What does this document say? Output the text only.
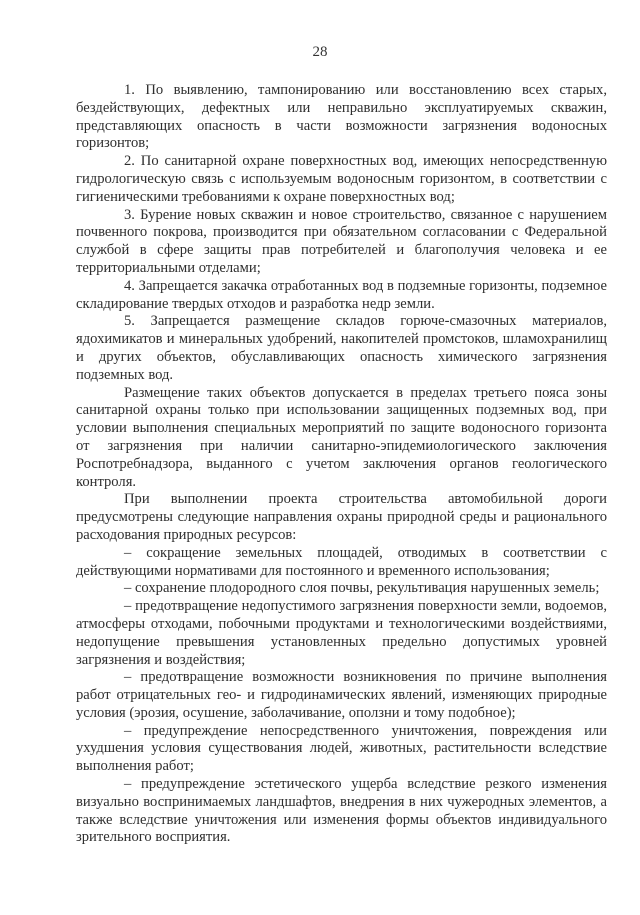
28

1. По выявлению, тампонированию или восстановлению всех старых, бездействующих, дефектных или неправильно эксплуатируемых скважин, представляющих опасность в части возможности загрязнения водоносных горизонтов;

2. По санитарной охране поверхностных вод, имеющих непосредственную гидрологическую связь с используемым водоносным горизонтом, в соответствии с гигиеническими требованиями к охране поверхностных вод;

3. Бурение новых скважин и новое строительство, связанное с нарушением почвенного покрова, производится при обязательном согласовании с Федеральной службой в сфере защиты прав потребителей и благополучия человека и ее территориальными отделами;

4. Запрещается закачка отработанных вод в подземные горизонты, подземное складирование твердых отходов и разработка недр земли.

5. Запрещается размещение складов горюче-смазочных материалов, ядохимикатов и минеральных удобрений, накопителей промстоков, шламохранилищ и других объектов, обуславливающих опасность химического загрязнения подземных вод.

Размещение таких объектов допускается в пределах третьего пояса зоны санитарной охраны только при использовании защищенных подземных вод, при условии выполнения специальных мероприятий по защите водоносного горизонта от загрязнения при наличии санитарно-эпидемиологического заключения Роспотребнадзора, выданного с учетом заключения органов геологического контроля.

При выполнении проекта строительства автомобильной дороги предусмотрены следующие направления охраны природной среды и рационального расходования природных ресурсов:

– сокращение земельных площадей, отводимых в соответствии с действующими нормативами для постоянного и временного использования;

– сохранение плодородного слоя почвы, рекультивация нарушенных земель;

– предотвращение недопустимого загрязнения поверхности земли, водоемов, атмосферы отходами, побочными продуктами и технологическими воздействиями, недопущение превышения установленных предельно допустимых уровней загрязнения и воздействия;

– предотвращение возможности возникновения по причине выполнения работ отрицательных гео- и гидродинамических явлений, изменяющих природные условия (эрозия, осушение, заболачивание, оползни и тому подобное);

– предупреждение непосредственного уничтожения, повреждения или ухудшения условия существования людей, животных, растительности вследствие выполнения работ;

– предупреждение эстетического ущерба вследствие резкого изменения визуально воспринимаемых ландшафтов, внедрения в них чужеродных элементов, а также вследствие уничтожения или изменения формы объектов индивидуального зрительного восприятия.
